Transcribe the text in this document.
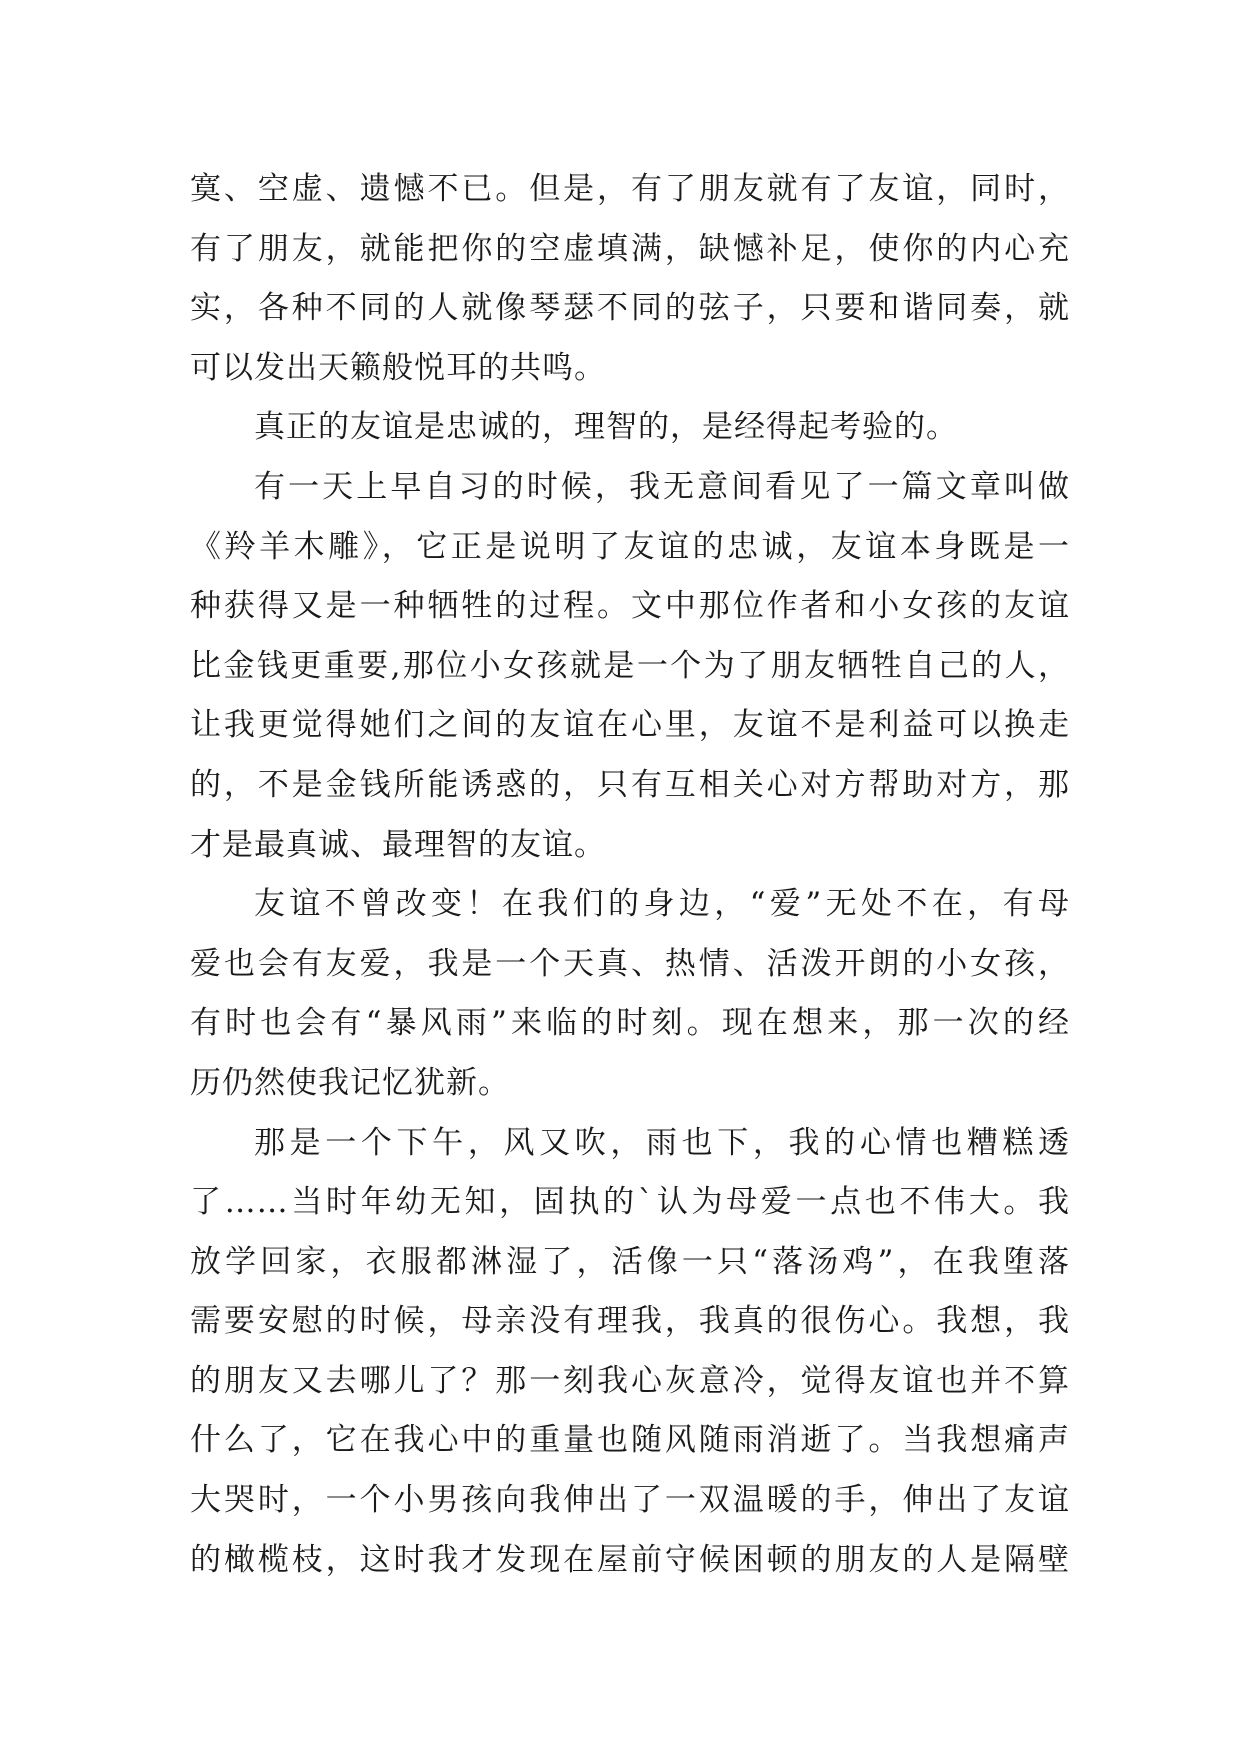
寞、空虚、遗憾不已。但是，有了朋友就有了友谊，同时，
有了朋友，就能把你的空虚填满，缺憾补足，使你的内心充
实，各种不同的人就像琴瑟不同的弦子，只要和谐同奏，就
可以发出天籁般悦耳的共鸣。
真正的友谊是忠诚的，理智的，是经得起考验的。
有一天上早自习的时候，我无意间看见了一篇文章叫做
《羚羊木雕》，它正是说明了友谊的忠诚，友谊本身既是一
种获得又是一种牺牲的过程。文中那位作者和小女孩的友谊
比金钱更重要,那位小女孩就是一个为了朋友牺牲自己的人，
让我更觉得她们之间的友谊在心里，友谊不是利益可以换走
的，不是金钱所能诱惑的，只有互相关心对方帮助对方，那
才是最真诚、最理智的友谊。
友谊不曾改变！在我们的身边，“爱”无处不在，有母
爱也会有友爱，我是一个天真、热情、活泼开朗的小女孩，
有时也会有“暴风雨”来临的时刻。现在想来，那一次的经
历仍然使我记忆犹新。
那是一个下午，风又吹，雨也下，我的心情也糟糕透
了……当时年幼无知，固执的`认为母爱一点也不伟大。我
放学回家，衣服都淋湿了，活像一只“落汤鸡”，在我堕落
需要安慰的时候，母亲没有理我，我真的很伤心。我想，我
的朋友又去哪儿了？那一刻我心灰意冷，觉得友谊也并不算
什么了，它在我心中的重量也随风随雨消逝了。当我想痛声
大哭时，一个小男孩向我伸出了一双温暖的手，伸出了友谊
的橄榄枝，这时我才发现在屋前守候困顿的朋友的人是隔壁
